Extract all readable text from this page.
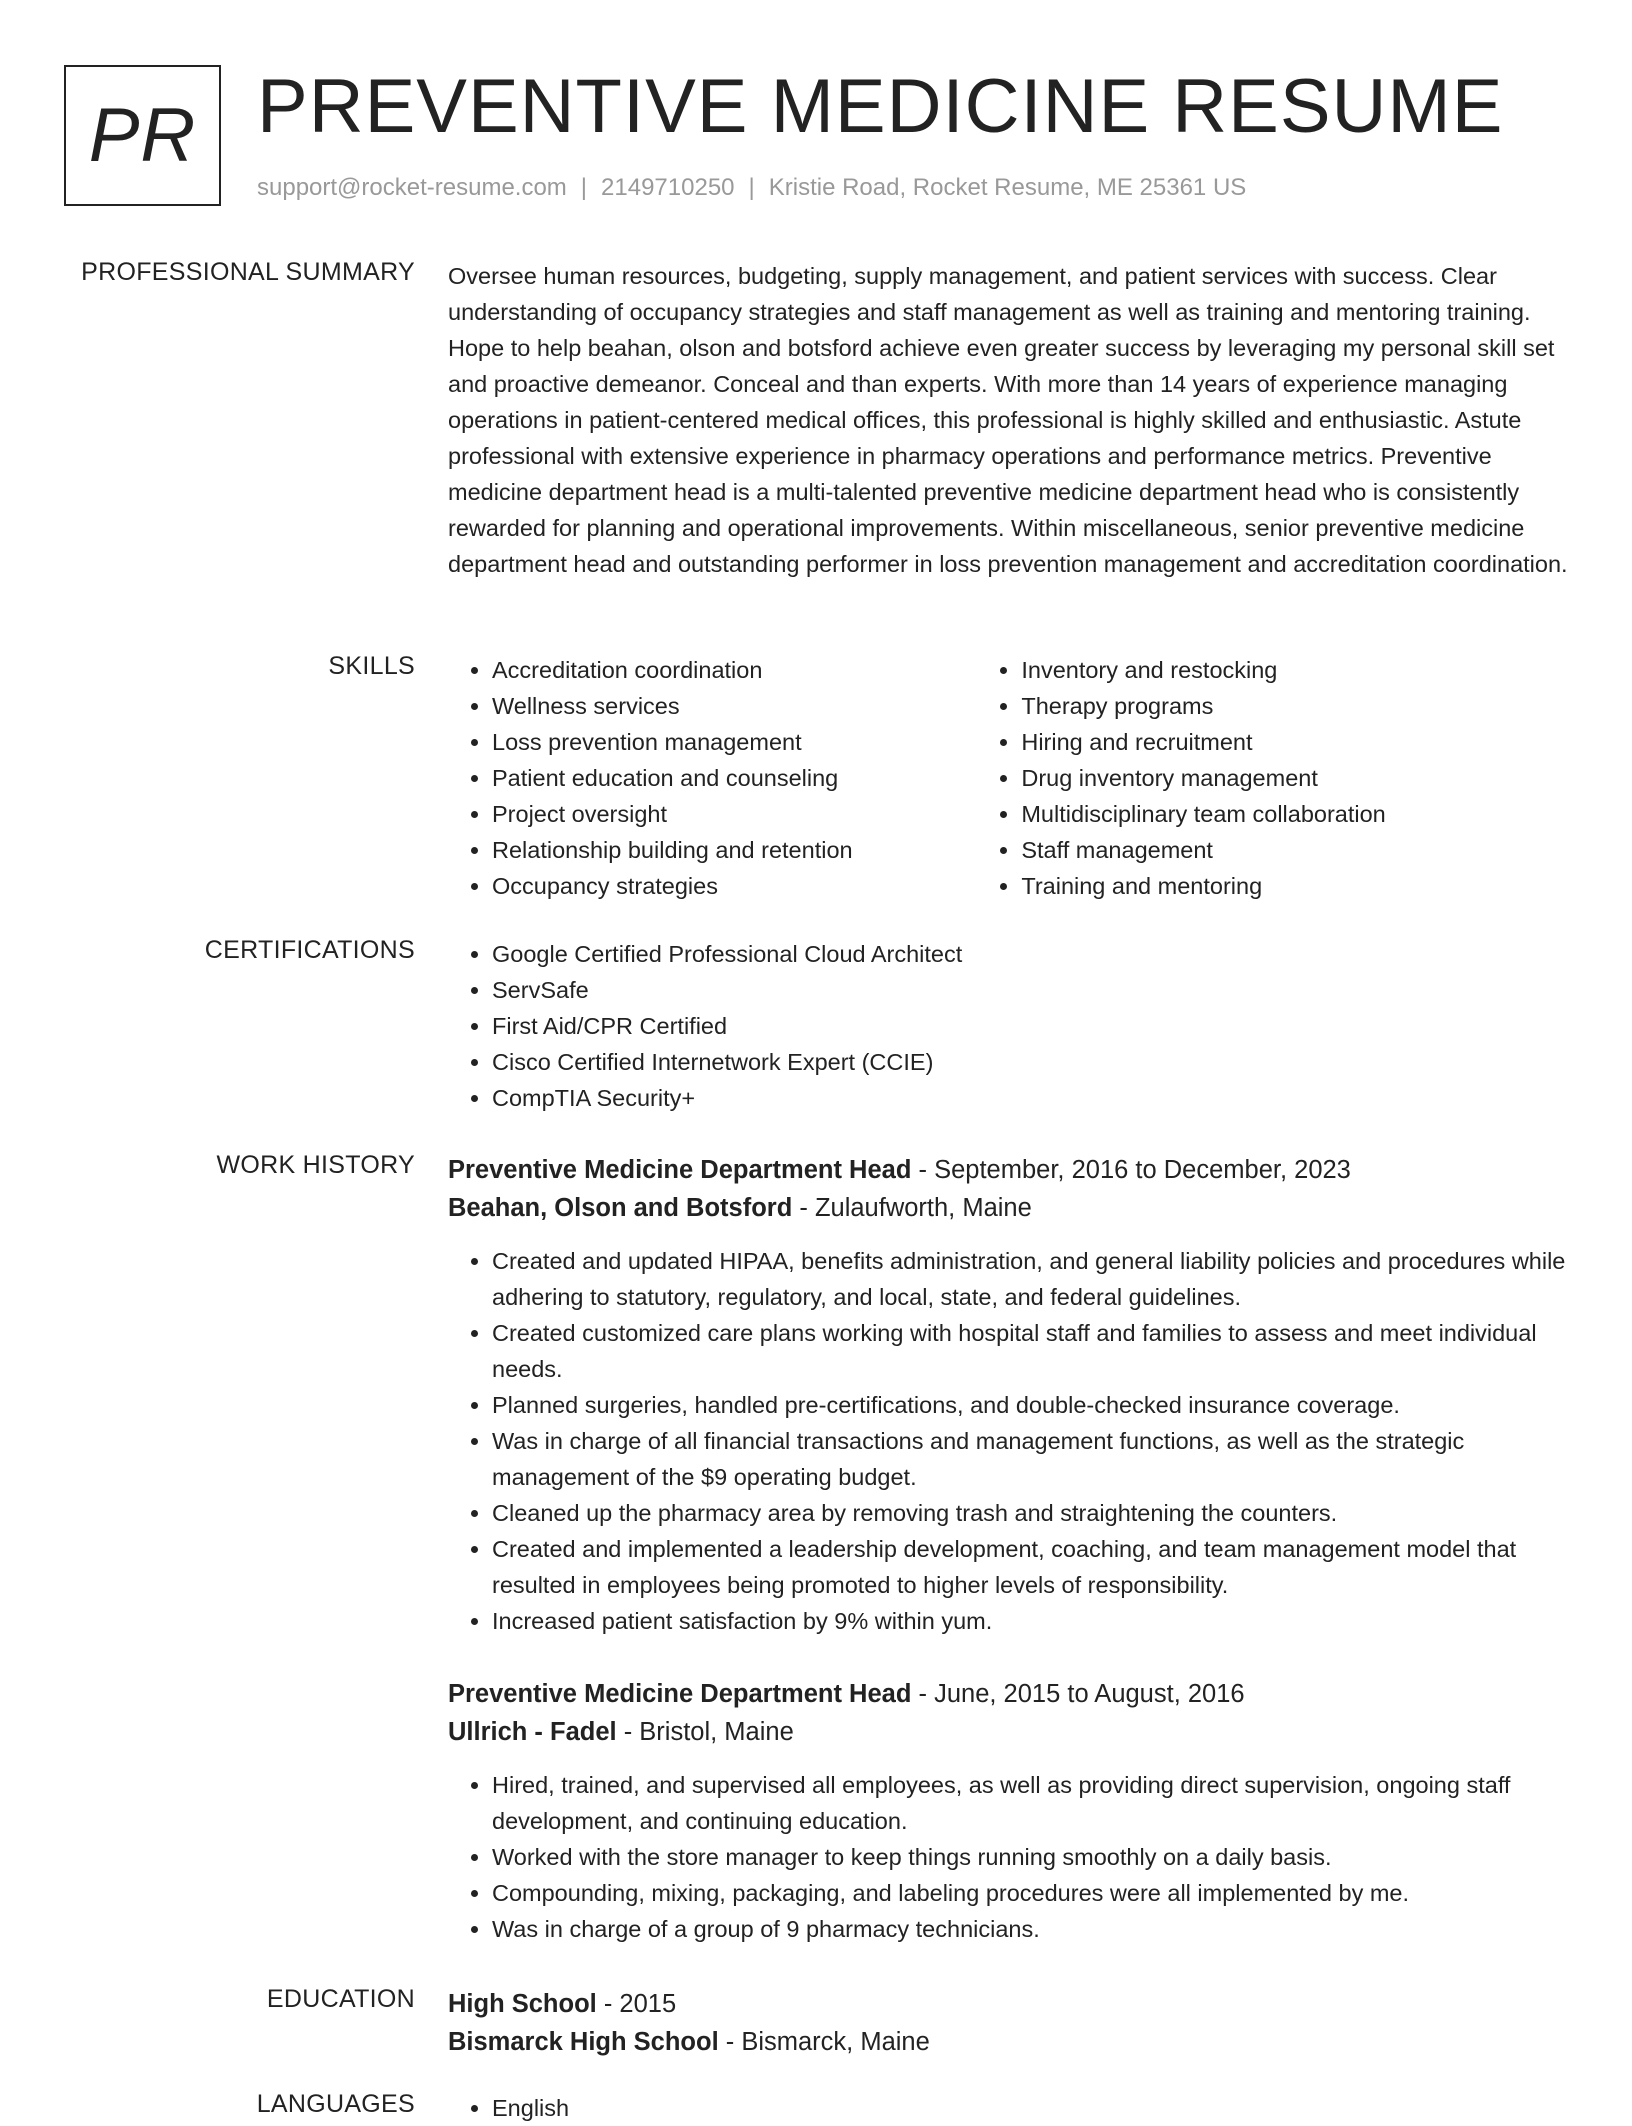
PR PREVENTIVE MEDICINE RESUME
support@rocket-resume.com | 2149710250 | Kristie Road, Rocket Resume, ME 25361 US
PROFESSIONAL SUMMARY Oversee human resources, budgeting, supply management, and patient services with success. Clear understanding of occupancy strategies and staff management as well as training and mentoring training. Hope to help beahan, olson and botsford achieve even greater success by leveraging my personal skill set and proactive demeanor. Conceal and than experts. With more than 14 years of experience managing operations in patient-centered medical offices, this professional is highly skilled and enthusiastic. Astute professional with extensive experience in pharmacy operations and performance metrics. Preventive medicine department head is a multi-talented preventive medicine department head who is consistently rewarded for planning and operational improvements. Within miscellaneous, senior preventive medicine department head and outstanding performer in loss prevention management and accreditation coordination.

SKILLS	• Accreditation coordination
• Wellness services
• Loss prevention management
• Patient education and counseling
• Project oversight
• Relationship building and retention
• Occupancy strategies
• Inventory and restocking
• Therapy programs
• Hiring and recruitment
• Drug inventory management
• Multidisciplinary team collaboration
• Staff management
• Training and mentoring
CERTIFICATIONS	• Google Certified Professional Cloud Architect
• ServSafe
• First Aid/CPR Certified
• Cisco Certified Internetwork Expert (CCIE)
• CompTIA Security+
WORK HISTORY Preventive Medicine Department Head - September, 2016 to December, 2023
Beahan, Olson and Botsford - Zulaufworth, Maine
• Created and updated HIPAA, benefits administration, and general liability policies and procedures while adhering to statutory, regulatory, and local, state, and federal guidelines.
• Created customized care plans working with hospital staff and families to assess and meet individual needs.
• Planned surgeries, handled pre-certifications, and double-checked insurance coverage.
• Was in charge of all financial transactions and management functions, as well as the strategic management of the $9 operating budget.
• Cleaned up the pharmacy area by removing trash and straightening the counters.
• Created and implemented a leadership development, coaching, and team management model that resulted in employees being promoted to higher levels of responsibility.
• Increased patient satisfaction by 9% within yum.
Preventive Medicine Department Head - June, 2015 to August, 2016
Ullrich - Fadel - Bristol, Maine
• Hired, trained, and supervised all employees, as well as providing direct supervision, ongoing staff development, and continuing education.
• Worked with the store manager to keep things running smoothly on a daily basis.
• Compounding, mixing, packaging, and labeling procedures were all implemented by me.
• Was in charge of a group of 9 pharmacy technicians.
EDUCATION High School - 2015
Bismarck High School - Bismarck, Maine
LANGUAGES	• English
